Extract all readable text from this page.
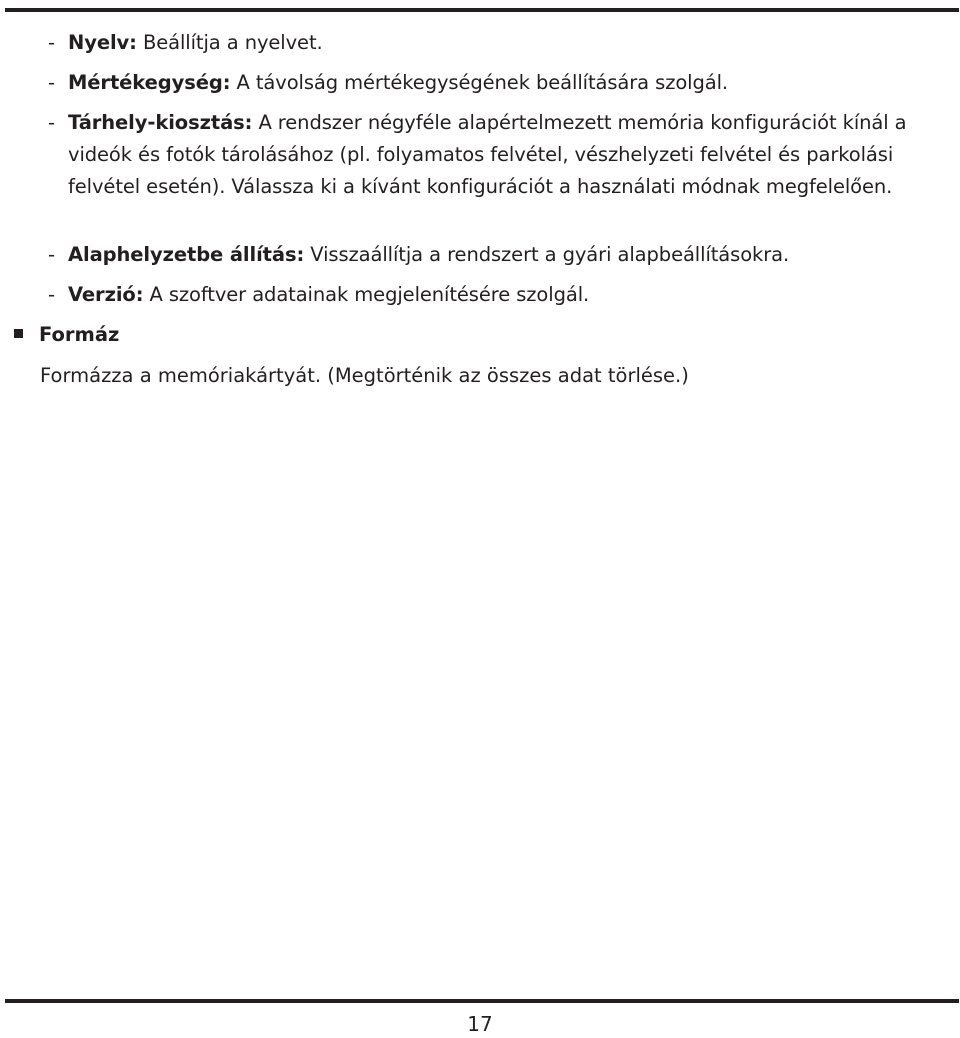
- Nyelv: Beállítja a nyelvet.
- Mértékegység: A távolság mértékegységének beállítására szolgál.
- Tárhely-kiosztás: A rendszer négyféle alapértelmezett memória konfigurációt kínál a videók és fotók tárolásához (pl. folyamatos felvétel, vészhelyzeti felvétel és parkolási felvétel esetén). Válassza ki a kívánt konfigurációt a használati módnak megfelelően.
- Alaphelyzetbe állítás: Visszaállítja a rendszert a gyári alapbeállításokra.
- Verzió: A szoftver adatainak megjelenítésére szolgál.
Formáz
Formázza a memóriakártyát. (Megtörténik az összes adat törlése.)
17
